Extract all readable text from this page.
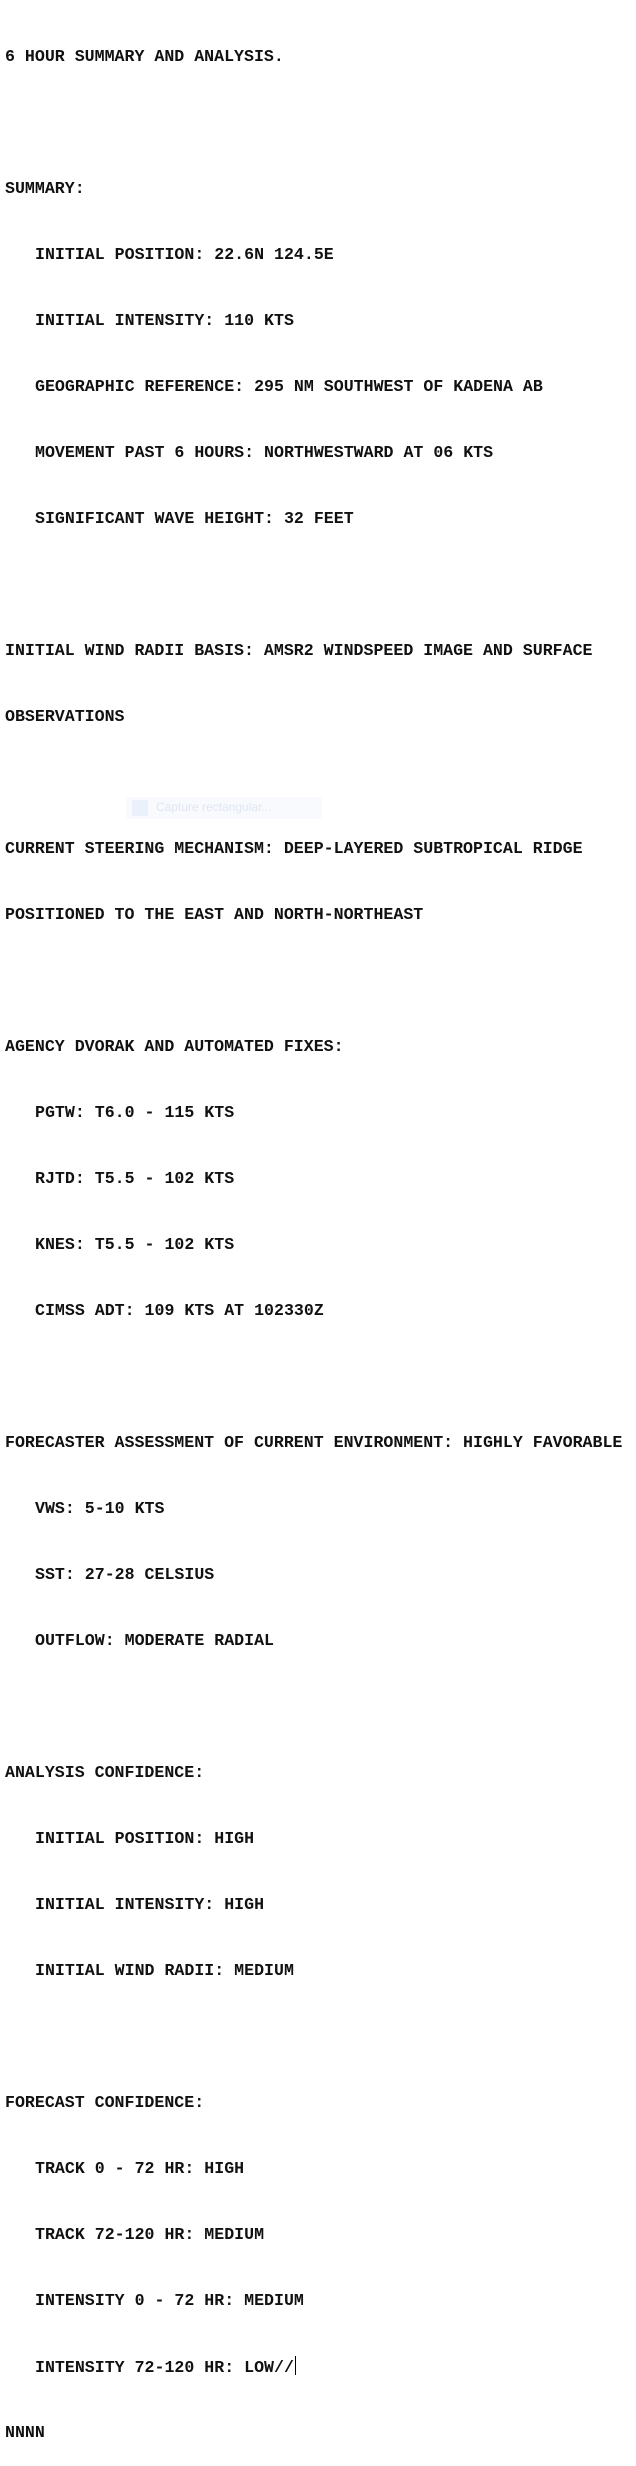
6 HOUR SUMMARY AND ANALYSIS.

SUMMARY:

INITIAL POSITION: 22.6N 124.5E

INITIAL INTENSITY: 110 KTS

GEOGRAPHIC REFERENCE: 295 NM SOUTHWEST OF KADENA AB

MOVEMENT PAST 6 HOURS: NORTHWESTWARD AT 06 KTS

SIGNIFICANT WAVE HEIGHT: 32 FEET

INITIAL WIND RADII BASIS: AMSR2 WINDSPEED IMAGE AND SURFACE

OBSERVATIONS

CURRENT STEERING MECHANISM: DEEP-LAYERED SUBTROPICAL RIDGE

POSITIONED TO THE EAST AND NORTH-NORTHEAST

AGENCY DVORAK AND AUTOMATED FIXES:

PGTW: T6.0 - 115 KTS

RJTD: T5.5 - 102 KTS

KNES: T5.5 - 102 KTS

CIMSS ADT: 109 KTS AT 102330Z

FORECASTER ASSESSMENT OF CURRENT ENVIRONMENT: HIGHLY FAVORABLE

VWS: 5-10 KTS

SST: 27-28 CELSIUS

OUTFLOW: MODERATE RADIAL

ANALYSIS CONFIDENCE:

INITIAL POSITION: HIGH

INITIAL INTENSITY: HIGH

INITIAL WIND RADII: MEDIUM

FORECAST CONFIDENCE:

TRACK 0 - 72 HR: HIGH

TRACK 72-120 HR: MEDIUM

INTENSITY 0 - 72 HR: MEDIUM

INTENSITY 72-120 HR: LOW//

NNNN

Capture rectangular...
